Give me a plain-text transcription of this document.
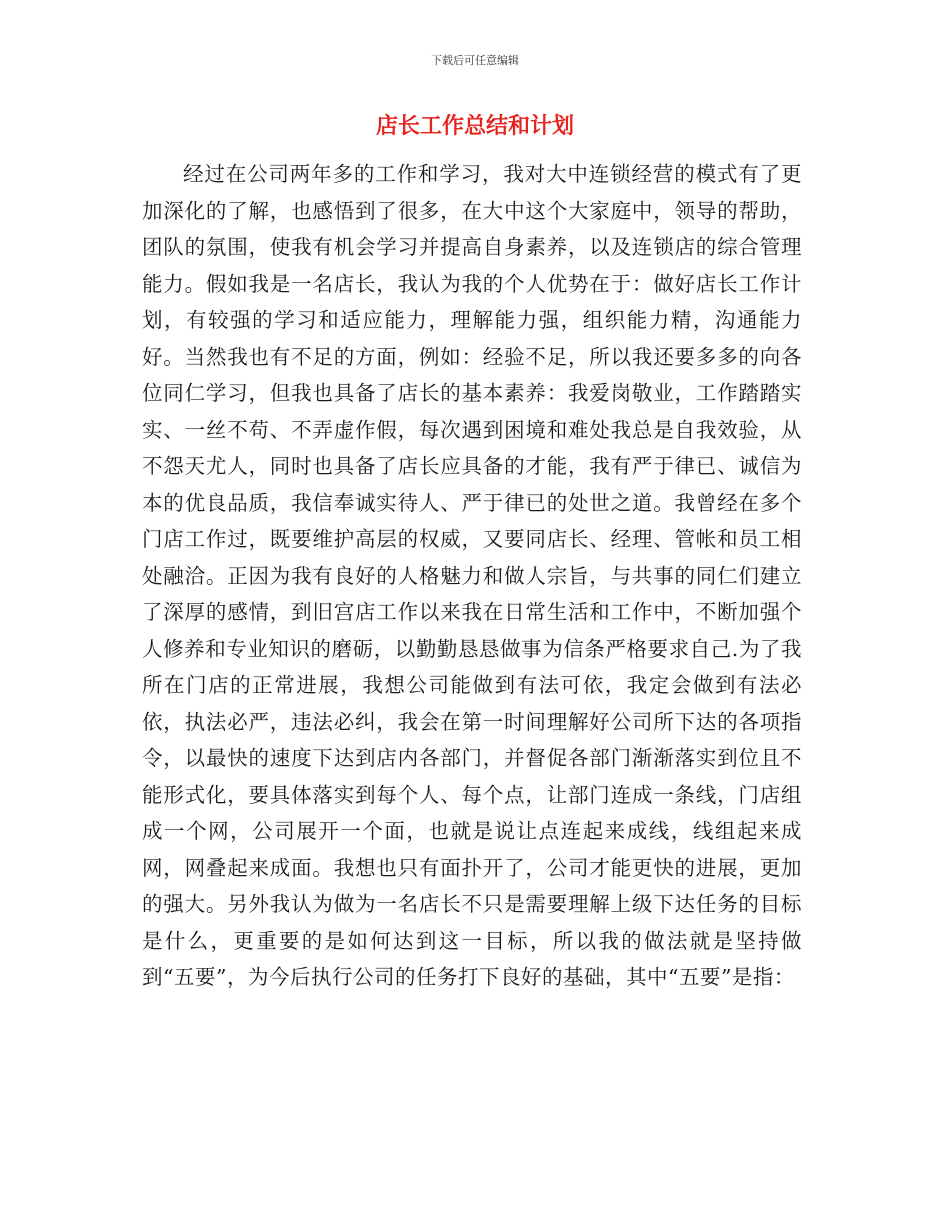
下载后可任意编辑
店长工作总结和计划

经过在公司两年多的工作和学习，我对大中连锁经营的模式有了更加深化的了解，也感悟到了很多，在大中这个大家庭中，领导的帮助，团队的氛围，使我有机会学习并提高自身素养，以及连锁店的综合管理能力。假如我是一名店长，我认为我的个人优势在于：做好店长工作计划，有较强的学习和适应能力，理解能力强，组织能力精，沟通能力好。当然我也有不足的方面，例如：经验不足，所以我还要多多的向各位同仁学习，但我也具备了店长的基本素养：我爱岗敬业，工作踏踏实实、一丝不苟、不弄虚作假，每次遇到困境和难处我总是自我效验，从不怨天尤人，同时也具备了店长应具备的才能，我有严于律已、诚信为本的优良品质，我信奉诚实待人、严于律已的处世之道。我曾经在多个门店工作过，既要维护高层的权威，又要同店长、经理、管帐和员工相处融洽。正因为我有良好的人格魅力和做人宗旨，与共事的同仁们建立了深厚的感情，到旧宫店工作以来我在日常生活和工作中，不断加强个人修养和专业知识的磨砺，以勤勤恳恳做事为信条严格要求自己.为了我所在门店的正常进展，我想公司能做到有法可依，我定会做到有法必依，执法必严，违法必纠，我会在第一时间理解好公司所下达的各项指令，以最快的速度下达到店内各部门，并督促各部门渐渐落实到位且不能形式化，要具体落实到每个人、每个点，让部门连成一条线，门店组成一个网，公司展开一个面，也就是说让点连起来成线，线组起来成网，网叠起来成面。我想也只有面扑开了，公司才能更快的进展，更加的强大。另外我认为做为一名店长不只是需要理解上级下达任务的目标是什么，更重要的是如何达到这一目标，所以我的做法就是坚持做到“五要”，为今后执行公司的任务打下良好的基础，其中“五要”是指：
